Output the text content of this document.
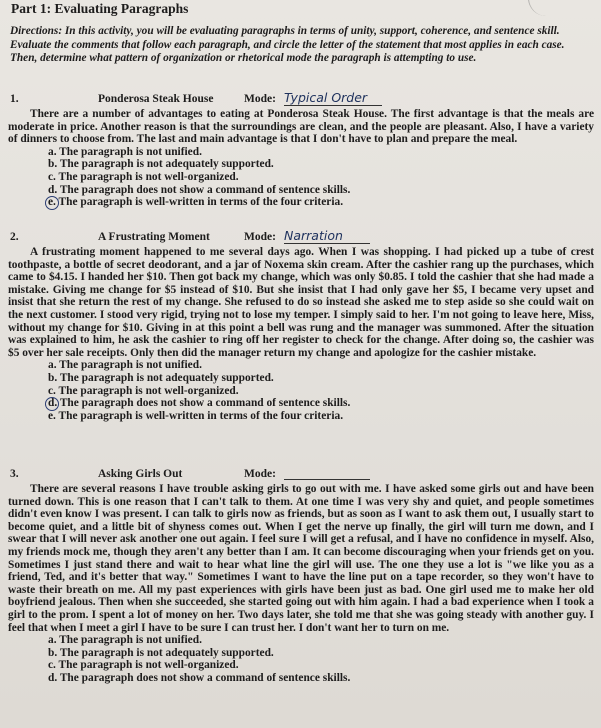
Part 1: Evaluating Paragraphs
Directions: In this activity, you will be evaluating paragraphs in terms of unity, support, coherence, and sentence skill. Evaluate the comments that follow each paragraph, and circle the letter of the statement that most applies in each case. Then, determine what pattern of organization or rhetorical mode the paragraph is attempting to use.
1.	Ponderosa Steak House	Mode: Typical Order

There are a number of advantages to eating at Ponderosa Steak House. The first advantage is that the meals are moderate in price. Another reason is that the surroundings are clean, and the people are pleasant. Also, I have a variety of dinners to choose from. The last and main advantage is that I don't have to plan and prepare the meal.

a. The paragraph is not unified.
b. The paragraph is not adequately supported.
c. The paragraph is not well-organized.
d. The paragraph does not show a command of sentence skills.
e. The paragraph is well-written in terms of the four criteria.
2.	A Frustrating Moment	Mode: Narration

A frustrating moment happened to me several days ago. When I was shopping. I had picked up a tube of crest toothpaste, a bottle of secret deodorant, and a jar of Noxema skin cream. After the cashier rang up the purchases, which came to $4.15. I handed her $10. Then got back my change, which was only $0.85. I told the cashier that she had made a mistake. Giving me change for $5 instead of $10. But she insist that I had only gave her $5, I became very upset and insist that she return the rest of my change. She refused to do so instead she asked me to step aside so she could wait on the next customer. I stood very rigid, trying not to lose my temper. I simply said to her. I'm not going to leave here, Miss, without my change for $10. Giving in at this point a bell was rung and the manager was summoned. After the situation was explained to him, he ask the cashier to ring off her register to check for the change. After doing so, the cashier was $5 over her sale receipts. Only then did the manager return my change and apologize for the cashier mistake.

a. The paragraph is not unified.
b. The paragraph is not adequately supported.
c. The paragraph is not well-organized.
d. The paragraph does not show a command of sentence skills.
e. The paragraph is well-written in terms of the four criteria.
3.	Asking Girls Out	Mode:

There are several reasons I have trouble asking girls to go out with me. I have asked some girls out and have been turned down. This is one reason that I can't talk to them. At one time I was very shy and quiet, and people sometimes didn't even know I was present. I can talk to girls now as friends, but as soon as I want to ask them out, I usually start to become quiet, and a little bit of shyness comes out. When I get the nerve up finally, the girl will turn me down, and I swear that I will never ask another one out again. I feel sure I will get a refusal, and I have no confidence in myself. Also, my friends mock me, though they aren't any better than I am. It can become discouraging when your friends get on you. Sometimes I just stand there and wait to hear what line the girl will use. The one they use a lot is "we like you as a friend, Ted, and it's better that way." Sometimes I want to have the line put on a tape recorder, so they won't have to waste their breath on me. All my past experiences with girls have been just as bad. One girl used me to make her old boyfriend jealous. Then when she succeeded, she started going out with him again. I had a bad experience when I took a girl to the prom. I spent a lot of money on her. Two days later, she told me that she was going steady with another guy. I feel that when I meet a girl I have to be sure I can trust her. I don't want her to turn on me.

a. The paragraph is not unified.
b. The paragraph is not adequately supported.
c. The paragraph is not well-organized.
d. The paragraph does not show a command of sentence skills.
